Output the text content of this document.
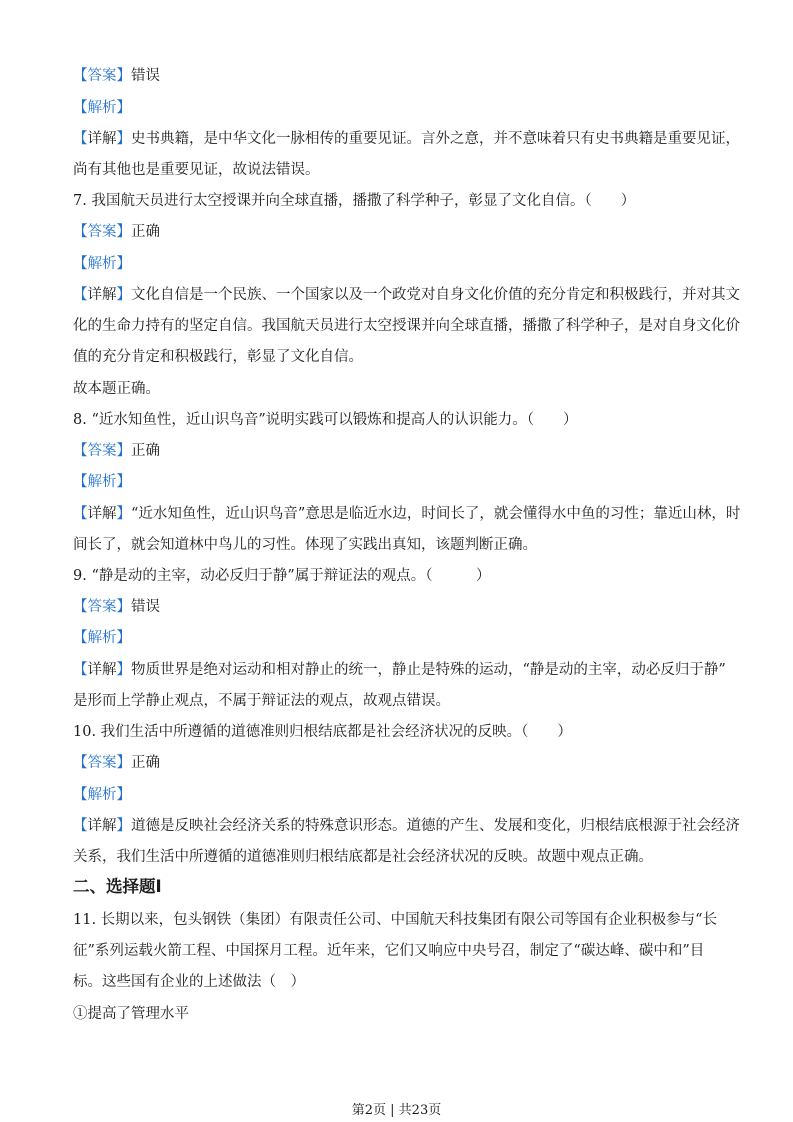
【答案】错误
【解析】
【详解】史书典籍，是中华文化一脉相传的重要见证。言外之意，并不意味着只有史书典籍是重要见证，
尚有其他也是重要见证，故说法错误。
7. 我国航天员进行太空授课并向全球直播，播撒了科学种子，彰显了文化自信。（　　）
【答案】正确
【解析】
【详解】文化自信是一个民族、一个国家以及一个政党对自身文化价值的充分肯定和积极践行，并对其文
化的生命力持有的坚定自信。我国航天员进行太空授课并向全球直播，播撒了科学种子，是对自身文化价
值的充分肯定和积极践行，彰显了文化自信。
故本题正确。
8. “近水知鱼性，近山识鸟音”说明实践可以锻炼和提高人的认识能力。（　　）
【答案】正确
【解析】
【详解】“近水知鱼性，近山识鸟音”意思是临近水边，时间长了，就会懂得水中鱼的习性；靠近山林，时
间长了，就会知道林中鸟儿的习性。体现了实践出真知，该题判断正确。
9. “静是动的主宰，动必反归于静”属于辩证法的观点。（　　　）
【答案】错误
【解析】
【详解】物质世界是绝对运动和相对静止的统一，静止是特殊的运动，“静是动的主宰，动必反归于静”
是形而上学静止观点，不属于辩证法的观点，故观点错误。
10. 我们生活中所遵循的道德准则归根结底都是社会经济状况的反映。（　　）
【答案】正确
【解析】
【详解】道德是反映社会经济关系的特殊意识形态。道德的产生、发展和变化，归根结底根源于社会经济
关系，我们生活中所遵循的道德准则归根结底都是社会经济状况的反映。故题中观点正确。
二、选择题Ⅰ
11. 长期以来，包头钢铁（集团）有限责任公司、中国航天科技集团有限公司等国有企业积极参与“长
征”系列运载火箭工程、中国探月工程。近年来，它们又响应中央号召，制定了“碳达峰、碳中和”目
标。这些国有企业的上述做法（　）
①提高了管理水平
第2页 | 共23页
